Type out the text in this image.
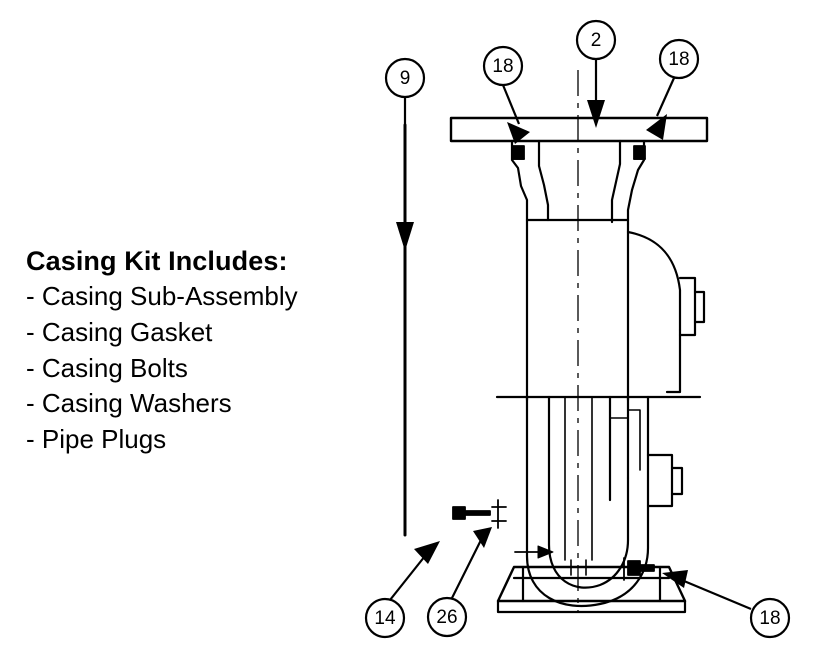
9
18
2
18
14 26	18
Casing Kit Includes:
- Casing Sub-Assembly
- Casing Gasket
- Casing Bolts
- Casing Washers
- Pipe Plugs
